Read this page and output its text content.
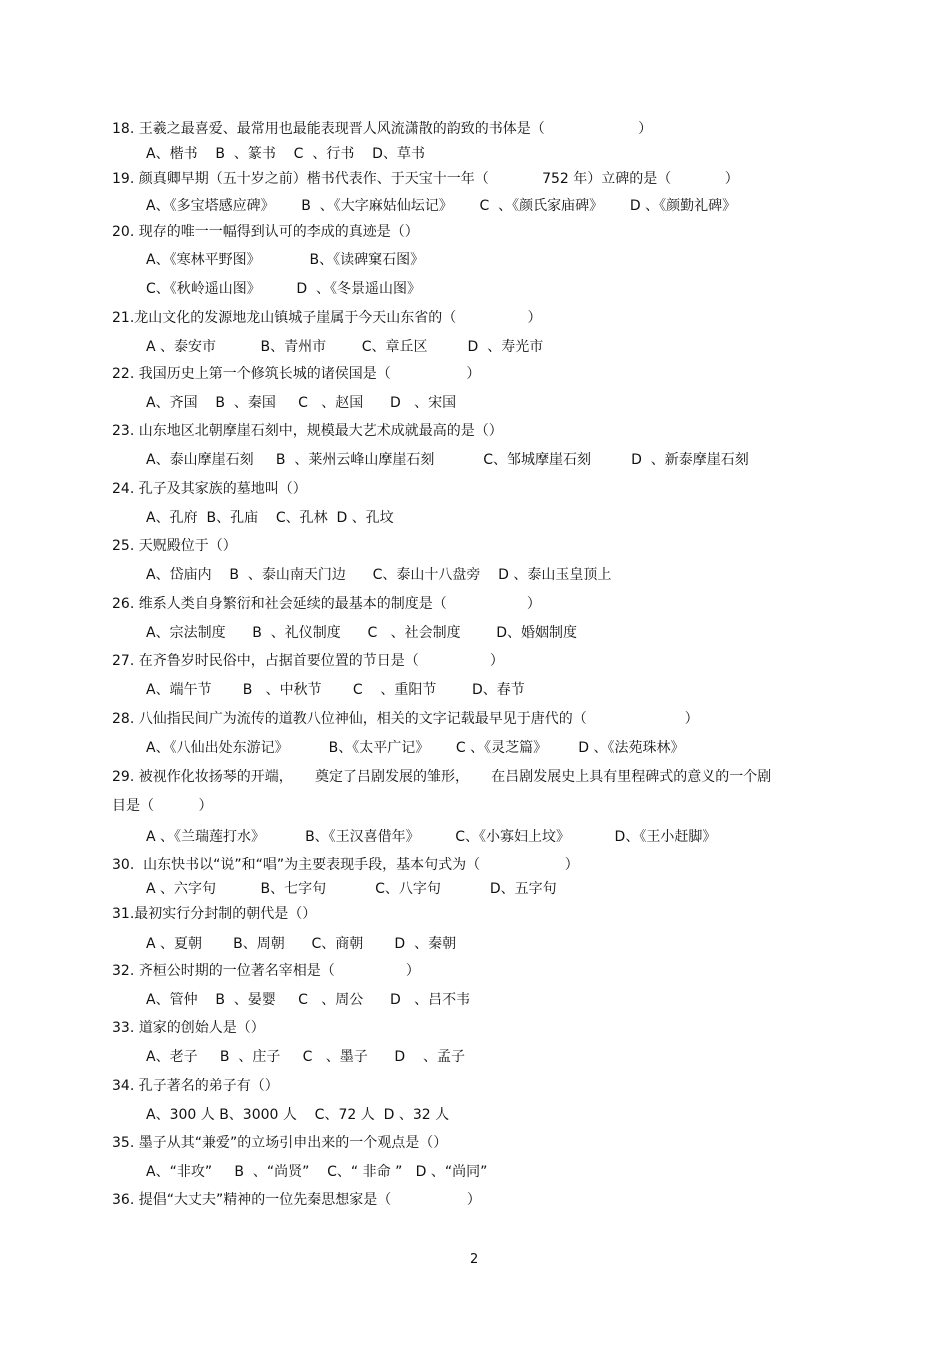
18. 王羲之最喜爱、最常用也最能表现晋人风流潇散的韵致的书体是（                     ）
A、楷书    B  、篆书    C  、行书    D、草书
19. 颜真卿早期（五十岁之前）楷书代表作、于天宝十一年（            752 年）立碑的是（            ）
A、《多宝塔感应碑》      B  、《大字麻姑仙坛记》      C  、《颜氏家庙碑》      D 、《颜勤礼碑》
20. 现存的唯一一幅得到认可的李成的真迹是（）
A、《寒林平野图》           B、《读碑窠石图》
C、《秋岭遥山图》        D  、《冬景遥山图》
21.龙山文化的发源地龙山镇城子崖属于今天山东省的（                ）
A 、泰安市          B、青州市        C、章丘区         D  、寿光市
22. 我国历史上第一个修筑长城的诸侯国是（                 ）
A、齐国    B  、秦国     C   、赵国      D   、宋国
23. 山东地区北朝摩崖石刻中，规模最大艺术成就最高的是（）
A、泰山摩崖石刻     B  、莱州云峰山摩崖石刻           C、邹城摩崖石刻         D  、新泰摩崖石刻
24. 孔子及其家族的墓地叫（）
A、孔府  B、孔庙    C、孔林  D 、孔坟
25. 天贶殿位于（）
A、岱庙内    B  、泰山南天门边      C、泰山十八盘旁    D 、泰山玉皇顶上
26. 维系人类自身繁衍和社会延续的最基本的制度是（                  ）
A、宗法制度      B  、礼仪制度      C   、社会制度        D、婚姻制度
27. 在齐鲁岁时民俗中，占据首要位置的节日是（                ）
A、端午节       B   、中秋节       C    、重阳节        D、春节
28. 八仙指民间广为流传的道教八位神仙，相关的文字记载最早见于唐代的（                      ）
A、《八仙出处东游记》         B、《太平广记》      C 、《灵芝篇》       D 、《法苑珠林》
29. 被视作化妆扬琴的开端，     奠定了吕剧发展的雏形，     在吕剧发展史上具有里程碑式的意义的一个剧
目是（          ）
A 、《兰瑞莲打水》         B、《王汉喜借年》        C、《小寡妇上坟》          D、《王小赶脚》
30.  山东快书以“说”和“唱”为主要表现手段，基本句式为（                   ）
A 、六字句          B、七字句           C、八字句           D、五字句
31.最初实行分封制的朝代是（）
A 、夏朝       B、周朝      C、商朝       D  、秦朝
32. 齐桓公时期的一位著名宰相是（                ）
A、管仲    B  、晏婴     C   、周公      D   、吕不韦
33. 道家的创始人是（）
A、老子     B  、庄子     C   、墨子      D    、孟子
34. 孔子著名的弟子有（）
A、300 人 B、3000 人    C、72 人  D 、32 人
35. 墨子从其“兼爱”的立场引申出来的一个观点是（）
A、“非攻”     B  、“尚贤”    C、“ 非命 ”   D 、“尚同”
36. 提倡“大丈夫”精神的一位先秦思想家是（                 ）
2
